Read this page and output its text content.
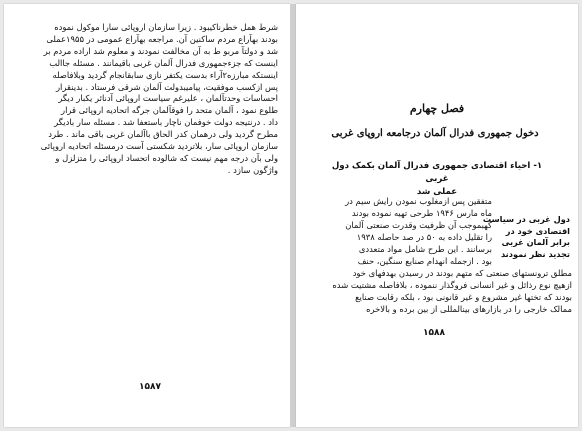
شرط همل خطرناکیبود . زیرا سازمان اروپائی سارا موکول نموده
بودند بهآراع مردم ساکنین آن. مراجعه بهآراع عمومی در ۱۹۵۵عملی
شد و دولتآ مربو ط به آن مخالفت نمودند و معلوم شد اراده مردم بر
اینست که جزءجمهوری فدرال آلمان غربی باقیمانند . مسئله جاالب
اینستکه مبارزه۲آراء بدست یکتفر نازی سابقانجام گردید وبلافاصله
پس ازکسب موفقیت، پیامیبدولت آلمان شرقی فرستاد . بدینقرار
احساسات وحدتآلمان ، علیرغم سیاست اروپائی آدنائر یکبار دیگر
طلوع نمود ، آلمان متحد را فوقآلمان جرگه اتحادیه اروپائی قرار
داد . درنتیجه دولت خوفمان ناچار باستعفا شد . مسئله سار بادیگر
مطرح گردید ولی درهمان کدر الحاق باآلمان غربی باقی ماند . طرد
سازمان اروپائی سار، بلاتردید شکستی آست درمسئله اتحادیه اروپائی
ولی بآن درجه مهم نیست که شالوده اتحساد اروپائی را متزلزل و
واژگون سازد .
۱۵۸۷
فصل چهارم
دخول جمهوری فدرال آلمان درجامعه اروپای غربی
۱- احیاء اقتصادی جمهوری فدرال آلمان بکمک دول غربی
عملی شد
دول غربی در سیاست
اقتصادی خود در
برابر آلمان غربی
تجدید نظر نمودند
متفقین پس ازمغلوب نمودن رایش سیم در
ماه مارس ۱۹۴۶ طرحی تهیه نموده بودند
کهبموجب آن ظرفیت وقدرت صنعتی آلمان
را تقلیل داده به ۵۰ در صد حاصله ۱۹۳۸
برسانند . این طرح شامل مواد متعددی
بود . ازجمله انهدام صنایع سنگین، حنف
مطلق ترونستهای صنعتی که متهم بودند در رسیدن بهدفهای خود
ازهیچ نوع رذائل و غیر انسانی فروگذار ننموده ، بلافاصله مشتیت شده
بودند که تختها غیر مشروع و غیر قانونی بود ، بلکه رقابت صنایع
ممالک خارجی را در بازارهای بینالمللی از بین برده و بالاخره
۱۵۸۸
